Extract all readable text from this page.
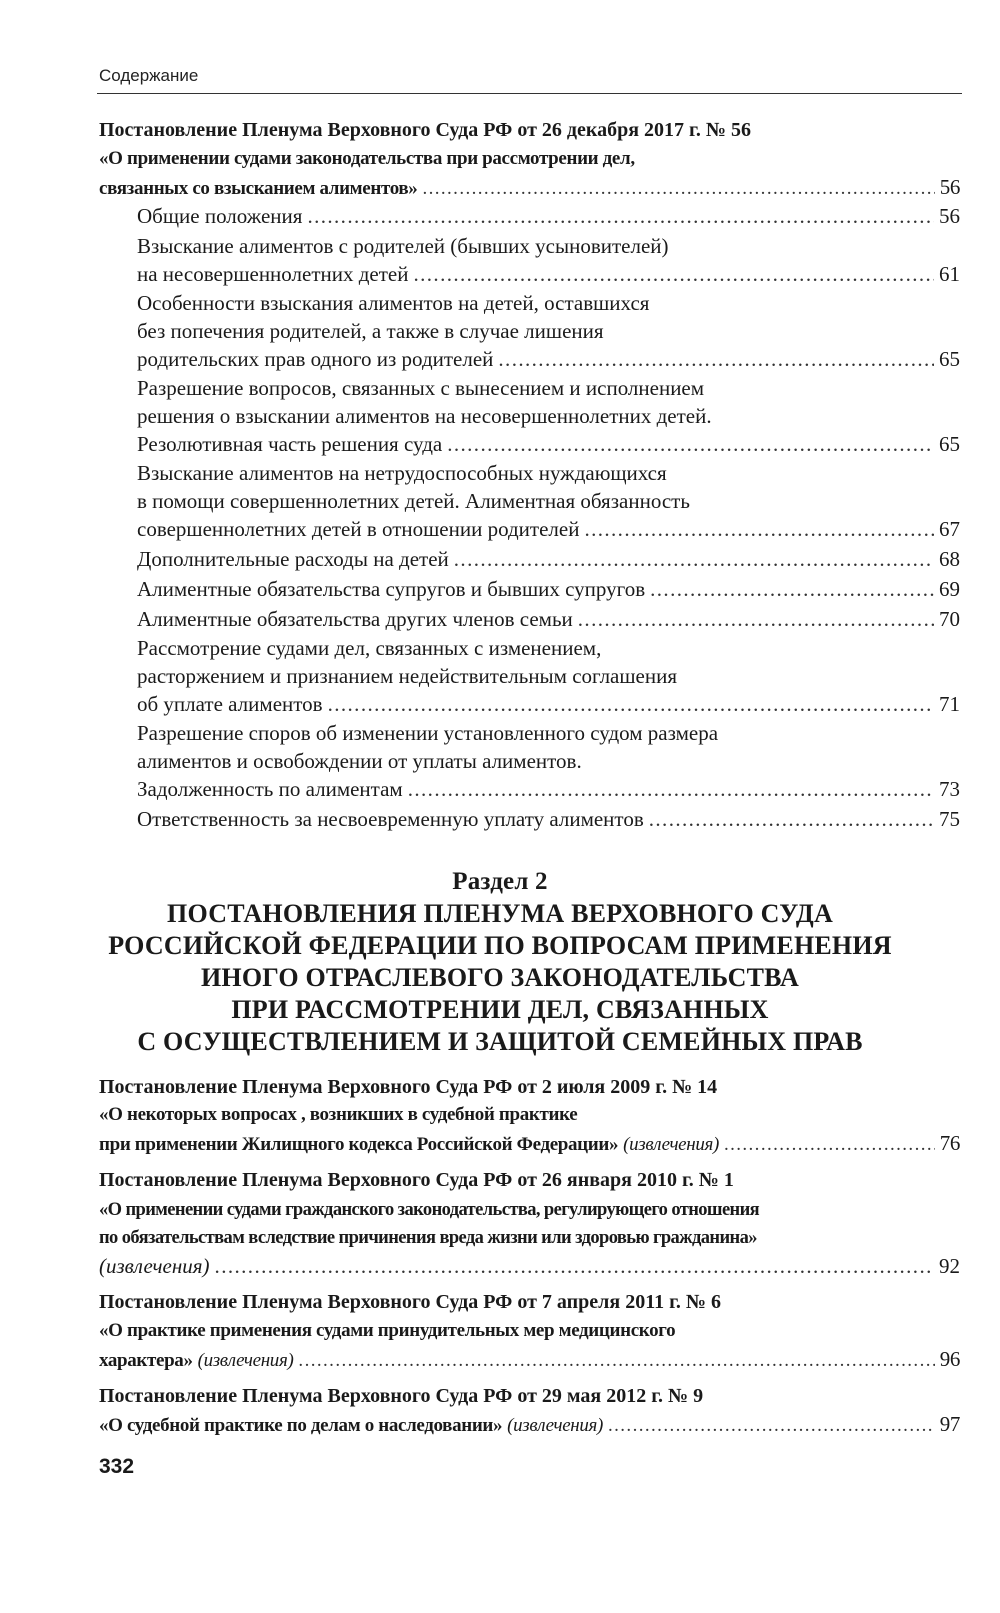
Содержание
Постановление Пленума Верховного Суда РФ от 26 декабря 2017 г. № 56
«О применении судами законодательства при рассмотрении дел,
связанных со взысканием алиментов» .....	56
Общие положения .....	56
Взыскание алиментов с родителей (бывших усыновителей)
на несовершеннолетних детей .....	61
Особенности взыскания алиментов на детей, оставшихся
без попечения родителей, а также в случае лишения
родительских прав одного из родителей .....	65
Разрешение вопросов, связанных с вынесением и исполнением
решения о взыскании алиментов на несовершеннолетних детей.
Резолютивная часть решения суда .....	65
Взыскание алиментов на нетрудоспособных нуждающихся
в помощи совершеннолетних детей. Алиментная обязанность
совершеннолетних детей в отношении родителей .....	67
Дополнительные расходы на детей .....	68
Алиментные обязательства супругов и бывших супругов .....	69
Алиментные обязательства других членов семьи .....	70
Рассмотрение судами дел, связанных с изменением,
расторжением и признанием недействительным соглашения
об уплате алиментов .....	71
Разрешение споров об изменении установленного судом размера
алиментов и освобождении от уплаты алиментов.
Задолженность по алиментам .....	73
Ответственность за несвоевременную уплату алиментов .....	75
Раздел 2
ПОСТАНОВЛЕНИЯ ПЛЕНУМА ВЕРХОВНОГО СУДА
РОССИЙСКОЙ ФЕДЕРАЦИИ ПО ВОПРОСАМ ПРИМЕНЕНИЯ
ИНОГО ОТРАСЛЕВОГО ЗАКОНОДАТЕЛЬСТВА
ПРИ РАССМОТРЕНИИ ДЕЛ, СВЯЗАННЫХ
С ОСУЩЕСТВЛЕНИЕМ И ЗАЩИТОЙ СЕМЕЙНЫХ ПРАВ
Постановление Пленума Верховного Суда РФ от 2 июля 2009 г. № 14
«О некоторых вопросах , возникших в судебной практике
при применении Жилищного кодекса Российской Федерации» (извлечения) .....	76
Постановление Пленума Верховного Суда РФ от 26 января 2010 г. № 1
«О применении судами гражданского законодательства, регулирующего отношения
по обязательствам вследствие причинения вреда жизни или здоровью гражданина»
(извлечения) .....	92
Постановление Пленума Верховного Суда РФ от 7 апреля 2011 г. № 6
«О практике применения судами принудительных мер медицинского
характера» (извлечения) .....	96
Постановление Пленума Верховного Суда РФ от 29 мая 2012 г. № 9
«О судебной практике по делам о наследовании» (извлечения) .....	97
332
